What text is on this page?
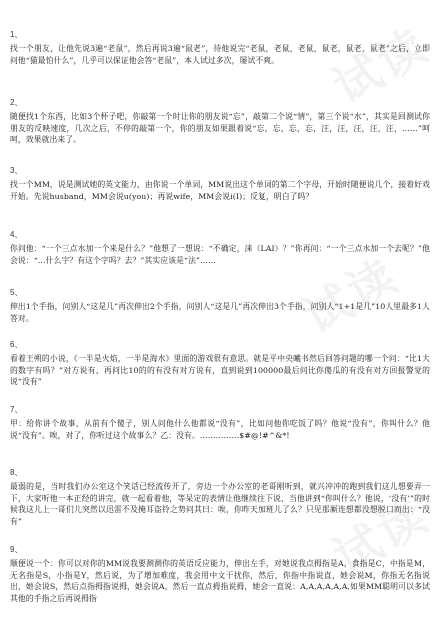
试读
试读
试读
1、
找一个朋友，让他先说3遍“老鼠”，然后再说3遍“鼠老”，待他说完“老鼠，老鼠，老鼠，鼠老，鼠老，鼠老”之后，立即问他“猫最怕什么”，几乎可以保证他会答“老鼠”，本人试过多次，屡试不爽。
2、
随便找1个东西，比如3个杯子吧，你敲第一个时让你的朋友说“忘”，敲第二个说“情”，第三个说“水”，其实是回测试你朋友的反映速度，几次之后，不停的敲第一个，你的朋友如果跟着说“忘，忘，忘，忘，汪，汪，汪，汪，汪，……”呵呵，效果就出来了。
3、
找一个MM，说是测试她的英文能力，由你说一个单词，MM说出这个单词的第二个字母，开始时随便说几个，接着好戏开始。先说husband，MM会说u(you)；再说wife，MM会说i(I)；反复，明白了吗？
4、
你问他：“一个三点水加一个来是什么？”他想了一想说：“不确定，涞（LAI）？”你再问：“一个三点水加一个去呢？”他会说：“…什么字？有这个字吗？去？”其实应该是“法”……
5、
伸出1个手指，问别人“这是几”再次伸出2个手指，问别人“这是几”再次伸出3个手指，问别人“1+1是几”10人里最多1人答对。
6、
看着王朔的小说，《一半是火焰，一半是海水》里面的游戏很有意思。就是平中央曦书然后回答问题的哪一个问：“比1大的数字有吗？”对方说有，再问比10的的有没有对方说有，直到说到100000最后问比你傻瓜的有没有对方回报警觉的说“没有”
7、
甲：给你讲个故事，从前有个傻子，别人问他什么他都说“没有”，比如问他你吃饭了吗？他说“没有”，你叫什么？他说“没有”。唉，对了，你听过这个故事么？乙：没有。……………$#@!#^&*!
8、
最弱的是，当时我们办公室这个笑话已经流传开了，旁边一个办公室的老哥刚听到，就兴冲冲的跑到我们这儿想要弄一下，大家听他一本正经的讲完，就一起看着他，等呆定的表情让他继续往下说，当他讲到“你叫什么？他说，‘没有’”的时候我这儿上一哥们儿突然以迅雷不及掩耳盗铃之势问其曰：唉，你昨天加班儿了么？只见那厮连想都没想脱口而出：“没有”
9、
顺便说一个：你可以对你的MM说我要测测你的英语反应能力，伸出左手，对她说我点拇指是A，食指是C，中指是M，无名指是S，小指是Y，然后说，为了增加难度，我会用中文干扰你，然后，你指中指说直，她会说M，你指无名指说出，她会说S，然后点指拇指说拇，她会说A，然后一直点拇指说拇，她会一直说：A,A,A,A,A,A,如果MM聪明可以多试其他的手指之后再说拇指
